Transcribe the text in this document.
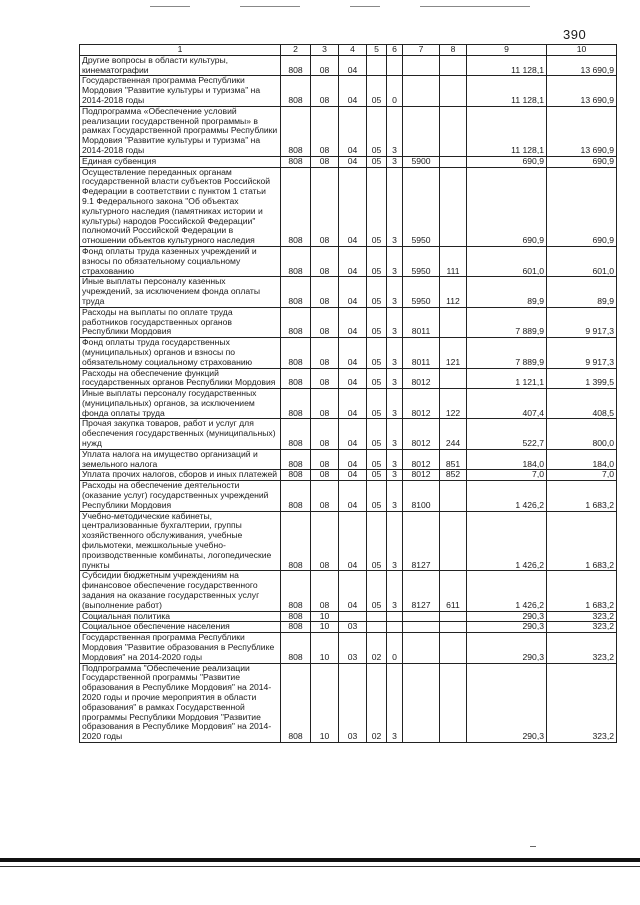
390
1	2	3	4	5	6	7	8	9	10
Другие вопросы в области культуры, кинематографии	808	08	04					11 128,1	13 690,9
Государственная программа Республики Мордовия "Развитие культуры и туризма" на 2014-2018 годы	808	08	04	05	0			11 128,1	13 690,9
Подпрограмма «Обеспечение условий реализации государственной программы» в рамках Государственной программы Республики Мордовия "Развитие культуры и туризма" на 2014-2018 годы	808	08	04	05	3			11 128,1	13 690,9
Единая субвенция	808	08	04	05	3	5900		690,9	690,9
Осуществление переданных органам государственной власти субъектов Российской Федерации в соответствии с пунктом 1 статьи 9.1 Федерального закона "Об объектах культурного наследия (памятниках истории и культуры) народов Российской Федерации" полномочий Российской Федерации в отношении объектов культурного наследия	808	08	04	05	3	5950		690,9	690,9
Фонд оплаты труда казенных учреждений и взносы по обязательному социальному страхованию	808	08	04	05	3	5950	111	601,0	601,0
Иные выплаты персоналу казенных учреждений, за исключением фонда оплаты труда	808	08	04	05	3	5950	112	89,9	89,9
Расходы на выплаты по оплате труда работников государственных органов Республики Мордовия	808	08	04	05	3	8011		7 889,9	9 917,3
Фонд оплаты труда государственных (муниципальных) органов и взносы по обязательному социальному страхованию	808	08	04	05	3	8011	121	7 889,9	9 917,3
Расходы на обеспечение функций государственных органов Республики Мордовия	808	08	04	05	3	8012		1 121,1	1 399,5
Иные выплаты персоналу государственных (муниципальных) органов, за исключением фонда оплаты труда	808	08	04	05	3	8012	122	407,4	408,5
Прочая закупка товаров, работ и услуг для обеспечения государственных (муниципальных) нужд	808	08	04	05	3	8012	244	522,7	800,0
Уплата налога на имущество организаций и земельного налога	808	08	04	05	3	8012	851	184,0	184,0
Уплата прочих налогов, сборов и иных платежей	808	08	04	05	3	8012	852	7,0	7,0
Расходы на обеспечение деятельности (оказание услуг) государственных учреждений Республики Мордовия	808	08	04	05	3	8100		1 426,2	1 683,2
Учебно-методические кабинеты, централизованные бухгалтерии, группы хозяйственного обслуживания, учебные фильмотеки, межшкольные учебно-производственные комбинаты, логопедические пункты	808	08	04	05	3	8127		1 426,2	1 683,2
Субсидии бюджетным учреждениям на финансовое обеспечение государственного задания на оказание государственных услуг (выполнение работ)	808	08	04	05	3	8127	611	1 426,2	1 683,2
Социальная политика	808	10						290,3	323,2
Социальное обеспечение населения	808	10	03					290,3	323,2
Государственная программа Республики Мордовия "Развитие образования в Республике Мордовия" на 2014-2020 годы	808	10	03	02	0			290,3	323,2
Подпрограмма "Обеспечение реализации Государственной программы "Развитие образования в Республике Мордовия" на 2014-2020 годы и прочие мероприятия в области образования" в рамках Государственной программы Республики Мордовия "Развитие образования в Республике Мордовия" на 2014-2020 годы	808	10	03	02	3			290,3	323,2
